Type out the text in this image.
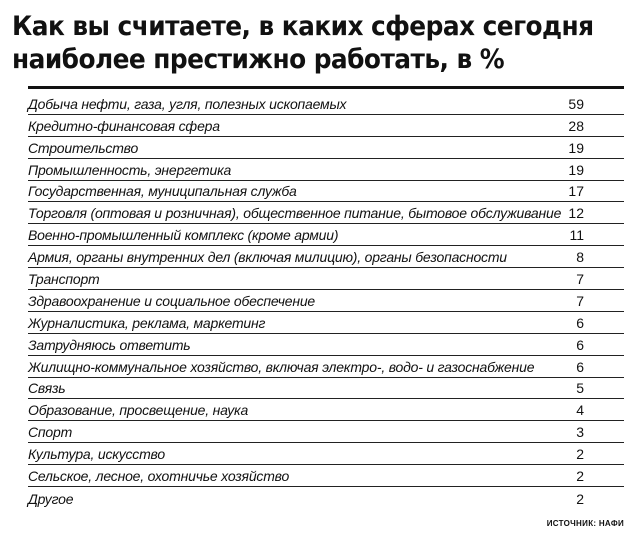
Как вы считаете, в каких сферах сегодня
наиболее престижно работать, в %
Добыча нефти, газа, угля, полезных ископаемых	59
Кредитно-финансовая сфера	28
Строительство	19
Промышленность, энергетика	19
Государственная, муниципальная служба	17
Торговля (оптовая и розничная), общественное питание, бытовое обслуживание 12
Военно-промышленный комплекс (кроме армии)	11
Армия, органы внутренних дел (включая милицию), органы безопасности	8
Транспорт	7
Здравоохранение и социальное обеспечение	7
Журналистика, реклама, маркетинг	6
Затрудняюсь ответить	6
Жилищно-коммунальное хозяйство, включая электро-, водо- и газоснабжение	6
Связь	5
Образование, просвещение, наука	4
Спорт	3
Культура, искусство	2
Сельское, лесное, охотничье хозяйство	2
Другое	2
ИСТОЧНИК: НАФИ
